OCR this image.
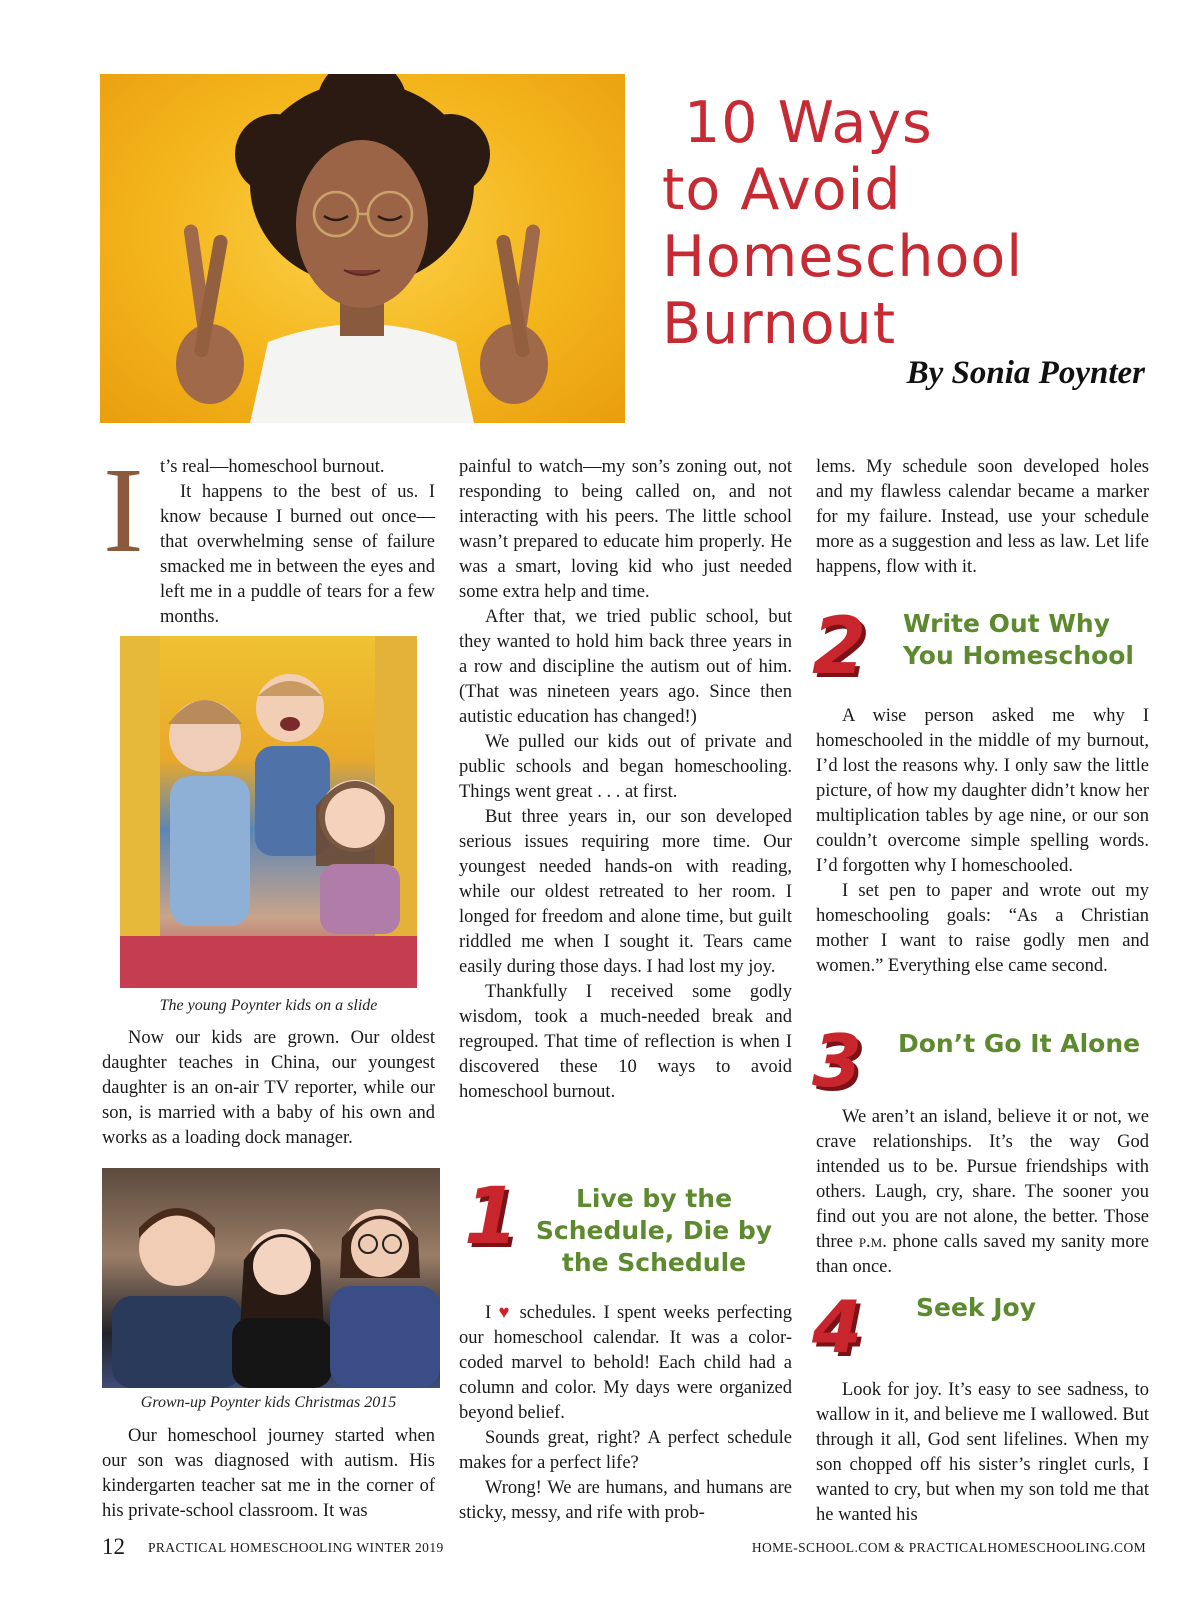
10 Ways
to Avoid
Homeschool
Burnout
By Sonia Poynter
I t’s real—homeschool burnout.

It happens to the best of us. I know because I burned out once—that overwhelming sense of failure smacked me in between the eyes and left me in a puddle of tears for a few months.

The young Poynter kids on a slide

Now our kids are grown. Our oldest daughter teaches in China, our youngest daughter is an on-air TV reporter, while our son, is married with a baby of his own and works as a loading dock manager.

Grown-up Poynter kids Christmas 2015

Our homeschool journey started when our son was diagnosed with autism. His kindergarten teacher sat me in the corner of his private-school classroom. It was

painful to watch—my son’s zoning out, not responding to being called on, and not interacting with his peers. The little school wasn’t prepared to educate him properly. He was a smart, loving kid who just needed some extra help and time.

After that, we tried public school, but they wanted to hold him back three years in a row and discipline the autism out of him. (That was nineteen years ago. Since then autistic education has changed!)

We pulled our kids out of private and public schools and began homeschooling. Things went great . . . at first.

But three years in, our son developed serious issues requiring more time. Our youngest needed hands-on with reading, while our oldest retreated to her room. I longed for freedom and alone time, but guilt riddled me when I sought it. Tears came easily during those days. I had lost my joy.

Thankfully I received some godly wisdom, took a much-needed break and regrouped. That time of reflection is when I discovered these 10 ways to avoid homeschool burnout.

1	Live by the
Schedule, Die by
the Schedule

I ♥ schedules. I spent weeks perfecting our homeschool calendar. It was a color-coded marvel to behold! Each child had a column and color. My days were organized beyond belief.

Sounds great, right? A perfect schedule makes for a perfect life?

Wrong! We are humans, and humans are sticky, messy, and rife with prob-

lems. My schedule soon developed holes and my flawless calendar became a marker for my failure. Instead, use your schedule more as a suggestion and less as law. Let life happens, flow with it.

2 Write Out Why
You Homeschool

A wise person asked me why I homeschooled in the middle of my burnout, I’d lost the reasons why. I only saw the little picture, of how my daughter didn’t know her multiplication tables by age nine, or our son couldn’t overcome simple spelling words. I’d forgotten why I homeschooled.

I set pen to paper and wrote out my homeschooling goals: “As a Christian mother I want to raise godly men and women.” Everything else came second.

3 Don’t Go It Alone

We aren’t an island, believe it or not, we crave relationships. It’s the way God intended us to be. Pursue friendships with others. Laugh, cry, share. The sooner you find out you are not alone, the better. Those three p.m. phone calls saved my sanity more than once.

4 Seek Joy

Look for joy. It’s easy to see sadness, to wallow in it, and believe me I wallowed. But through it all, God sent lifelines. When my son chopped off his sister’s ringlet curls, I wanted to cry, but when my son told me that he wanted his

12 PRACTICAL HOMESCHOOLING WINTER 2019	HOME-SCHOOL.COM & PRACTICALHOMESCHOOLING.COM
